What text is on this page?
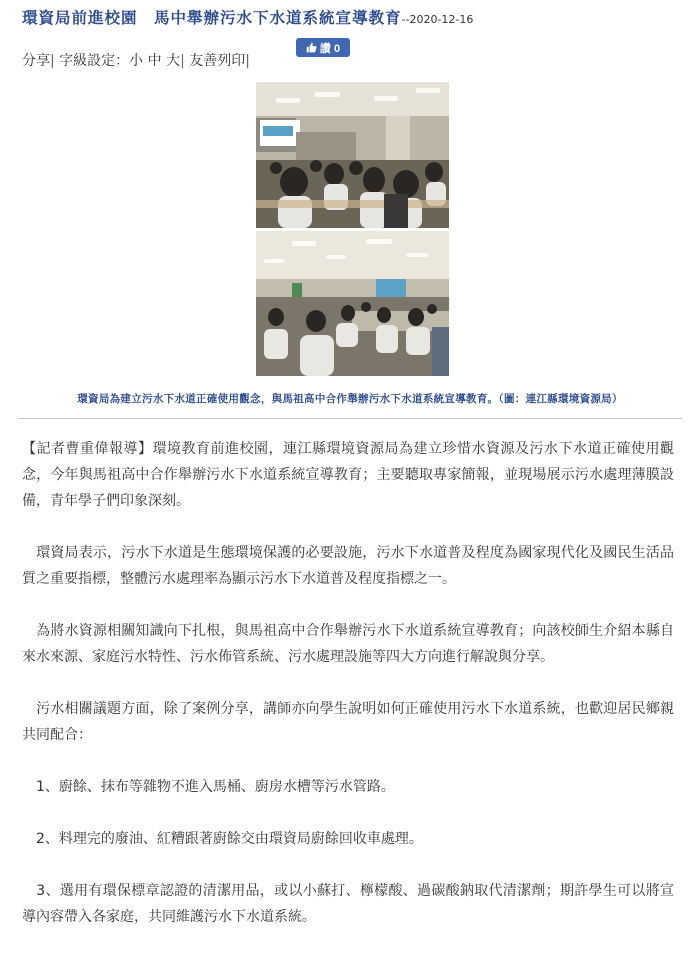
環資局前進校園　馬中舉辦污水下水道系統宣導教育--2020-12-16
分享| 字級設定：小 中 大| 友善列印|
讚 0
環資局為建立污水下水道正確使用觀念，與馬祖高中合作舉辦污水下水道系統宣導教育。（圖：連江縣環境資源局）

【記者曹重偉報導】環境教育前進校園，連江縣環境資源局為建立珍惜水資源及污水下水道正確使用觀念，今年與馬祖高中合作舉辦污水下水道系統宣導教育；主要聽取專家簡報，並現場展示污水處理薄膜設備，青年學子們印象深刻。

　環資局表示，污水下水道是生態環境保護的必要設施，污水下水道普及程度為國家現代化及國民生活品質之重要指標，整體污水處理率為顯示污水下水道普及程度指標之一。

　為將水資源相關知識向下扎根，與馬祖高中合作舉辦污水下水道系統宣導教育；向該校師生介紹本縣自來水來源、家庭污水特性、污水佈管系統、污水處理設施等四大方向進行解說與分享。

　污水相關議題方面，除了案例分享，講師亦向學生說明如何正確使用污水下水道系統，也歡迎居民鄉親共同配合：

　1、廚餘、抹布等雜物不進入馬桶、廚房水槽等污水管路。

　2、料理完的廢油、紅糟跟著廚餘交由環資局廚餘回收車處理。

　3、選用有環保標章認證的清潔用品，或以小蘇打、檸檬酸、過碳酸鈉取代清潔劑；期許學生可以將宣導內容帶入各家庭，共同維護污水下水道系統。
